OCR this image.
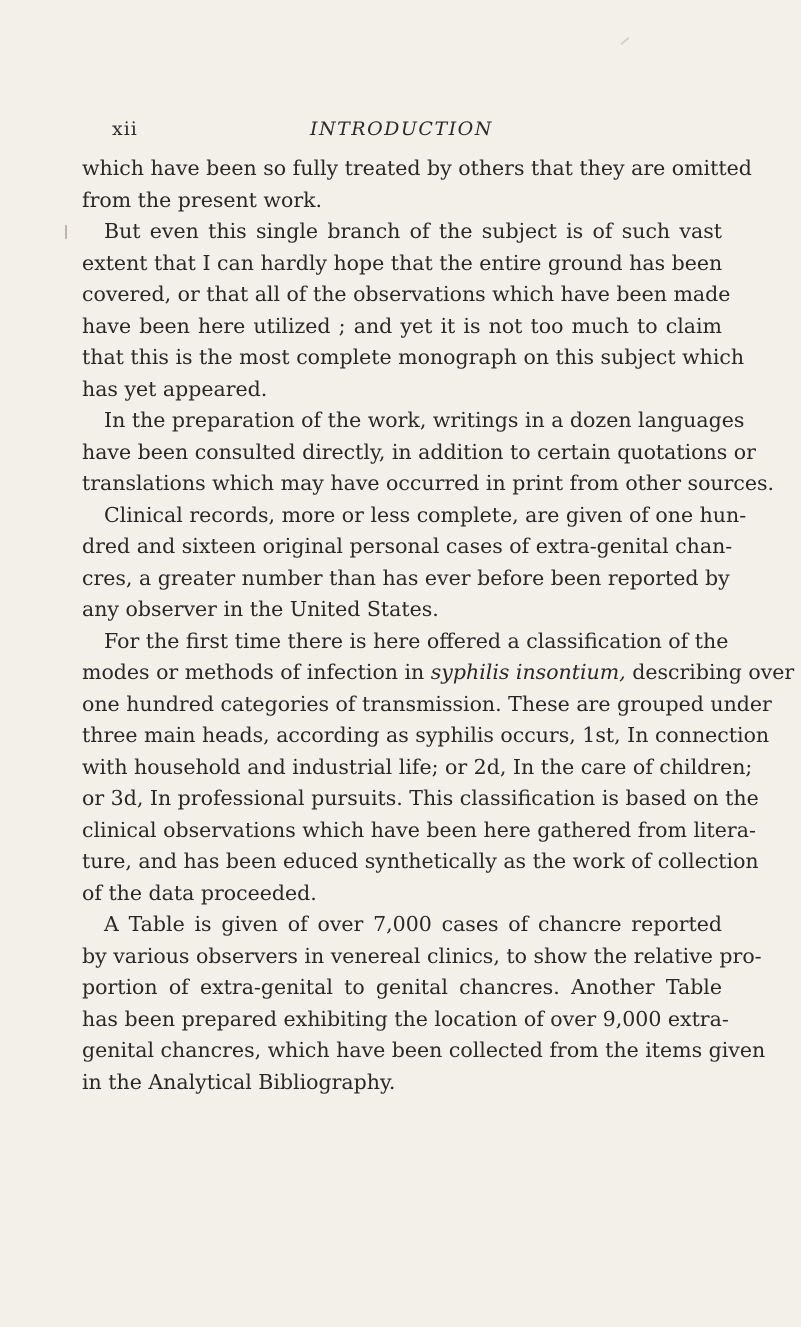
xii	INTRODUCTION
which have been so fully treated by others that they are omitted
from the present work.
But even this single branch of the subject is of such vast
extent that I can hardly hope that the entire ground has been
covered, or that all of the observations which have been made
have been here utilized ; and yet it is not too much to claim
that this is the most complete monograph on this subject which
has yet appeared.
In the preparation of the work, writings in a dozen languages
have been consulted directly, in addition to certain quotations or
translations which may have occurred in print from other sources.
Clinical records, more or less complete, are given of one hun-
dred and sixteen original personal cases of extra-genital chan-
cres, a greater number than has ever before been reported by
any observer in the United States.
For the first time there is here offered a classification of the
modes or methods of infection in syphilis insontium, describing over
one hundred categories of transmission. These are grouped under
three main heads, according as syphilis occurs, 1st, In connection
with household and industrial life; or 2d, In the care of children;
or 3d, In professional pursuits. This classification is based on the
clinical observations which have been here gathered from litera-
ture, and has been educed synthetically as the work of collection
of the data proceeded.
A Table is given of over 7,000 cases of chancre reported
by various observers in venereal clinics, to show the relative pro-
portion of extra-genital to genital chancres. Another Table
has been prepared exhibiting the location of over 9,000 extra-
genital chancres, which have been collected from the items given
in the Analytical Bibliography.
